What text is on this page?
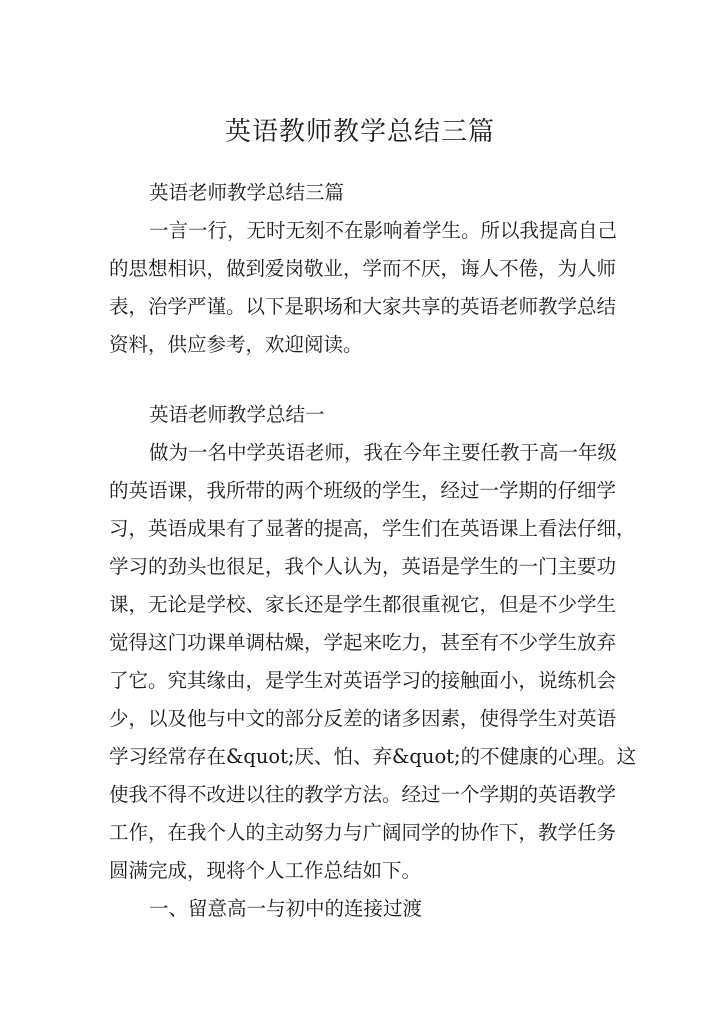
英语教师教学总结三篇

英语老师教学总结三篇

一言一行，无时无刻不在影响着学生。所以我提高自己
的思想相识，做到爱岗敬业，学而不厌，诲人不倦，为人师
表，治学严谨。以下是职场和大家共享的英语老师教学总结
资料，供应参考，欢迎阅读。

英语老师教学总结一

做为一名中学英语老师，我在今年主要任教于高一年级
的英语课，我所带的两个班级的学生，经过一学期的仔细学
习，英语成果有了显著的提高，学生们在英语课上看法仔细，
学习的劲头也很足，我个人认为，英语是学生的一门主要功
课，无论是学校、家长还是学生都很重视它，但是不少学生
觉得这门功课单调枯燥，学起来吃力，甚至有不少学生放弃
了它。究其缘由，是学生对英语学习的接触面小，说练机会
少，以及他与中文的部分反差的诸多因素，使得学生对英语
学习经常存在&quot;厌、怕、弃&quot;的不健康的心理。这
使我不得不改进以往的教学方法。经过一个学期的英语教学
工作，在我个人的主动努力与广阔同学的协作下，教学任务
圆满完成，现将个人工作总结如下。

一、留意高一与初中的连接过渡
